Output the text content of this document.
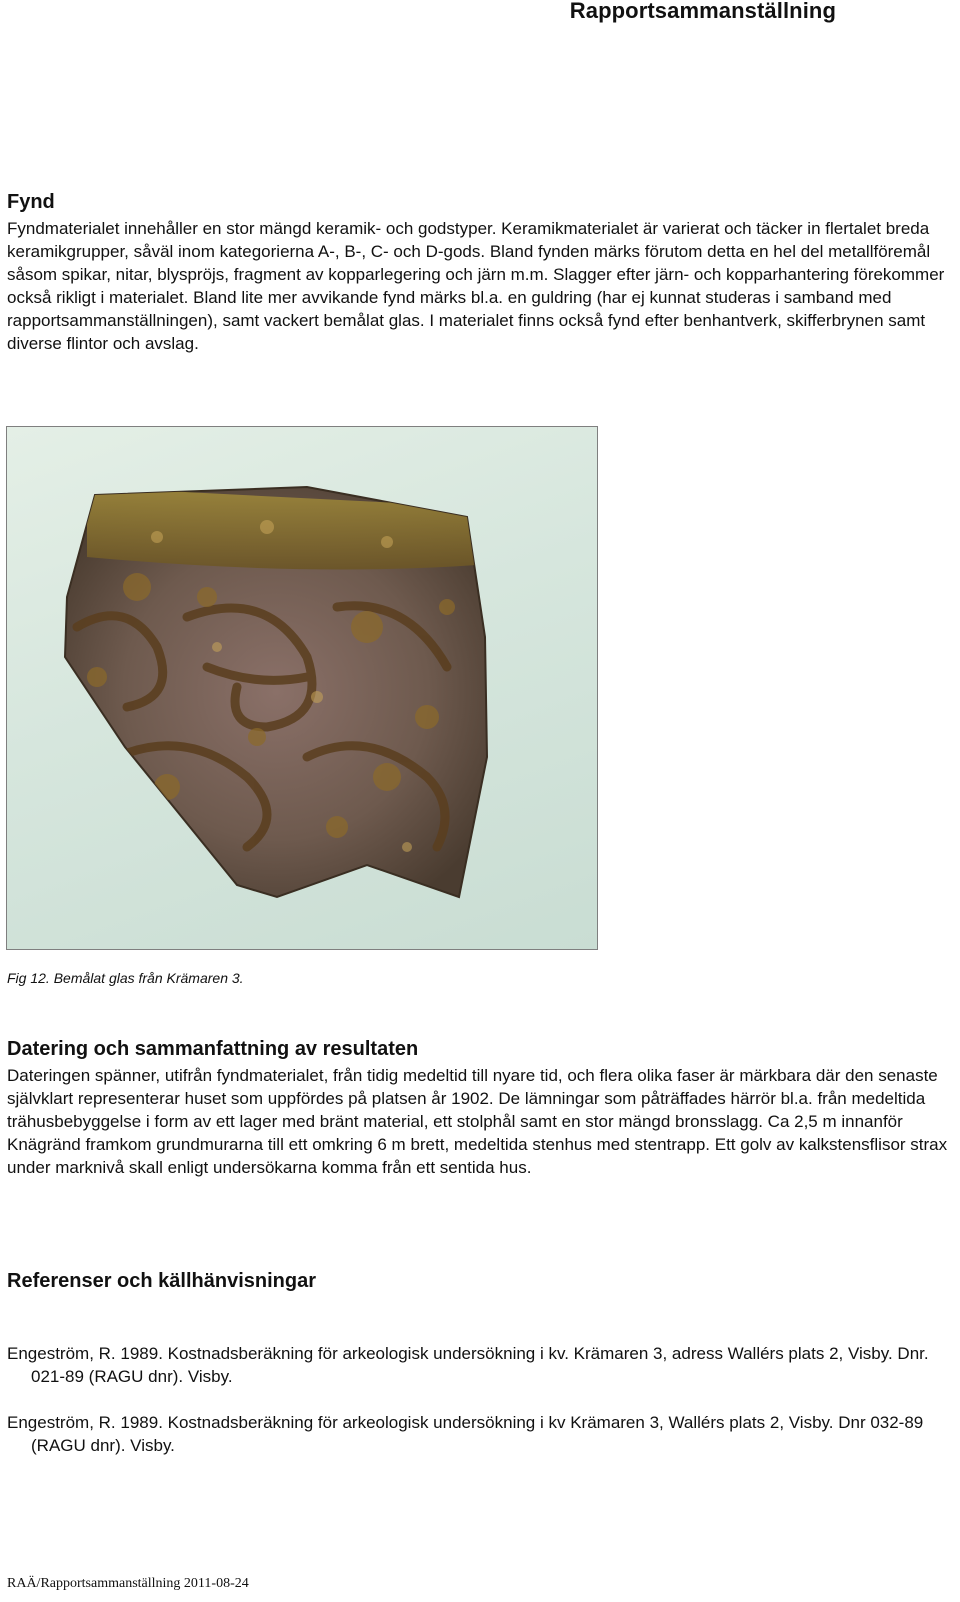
Rapportsammanställning
Fynd
Fyndmaterialet innehåller en stor mängd keramik- och godstyper. Keramikmaterialet är varierat och täcker in flertalet breda keramikgrupper, såväl inom kategorierna A-, B-, C- och D-gods. Bland fynden märks förutom detta en hel del metallföremål såsom spikar, nitar, blyspröjs, fragment av kopparlegering och järn m.m. Slagger efter järn- och kopparhantering förekommer också rikligt i materialet. Bland lite mer avvikande fynd märks bl.a. en guldring (har ej kunnat studeras i samband med rapportsammanställningen), samt vackert bemålat glas. I materialet finns också fynd efter benhantverk, skifferbrynen samt diverse flintor och avslag.
Fig 12. Bemålat glas från Krämaren 3.
Datering och sammanfattning av resultaten
Dateringen spänner, utifrån fyndmaterialet, från tidig medeltid till nyare tid, och flera olika faser är märkbara där den senaste självklart representerar huset som uppfördes på platsen år 1902. De lämningar som påträffades härrör bl.a. från medeltida trähusbebyggelse i form av ett lager med bränt material, ett stolphål samt en stor mängd bronsslagg. Ca 2,5 m innanför Knägränd framkom grundmurarna till ett omkring 6 m brett, medeltida stenhus med stentrapp. Ett golv av kalkstensflisor strax under marknivå skall enligt undersökarna komma från ett sentida hus.
Referenser och källhänvisningar
Engeström, R. 1989. Kostnadsberäkning för arkeologisk undersökning i kv. Krämaren 3, adress Wallérs plats 2, Visby. Dnr. 021-89 (RAGU dnr). Visby.
Engeström, R. 1989. Kostnadsberäkning för arkeologisk undersökning i kv Krämaren 3, Wallérs plats 2, Visby. Dnr 032-89 (RAGU dnr). Visby.
RAÄ/Rapportsammanställning 2011-08-24
